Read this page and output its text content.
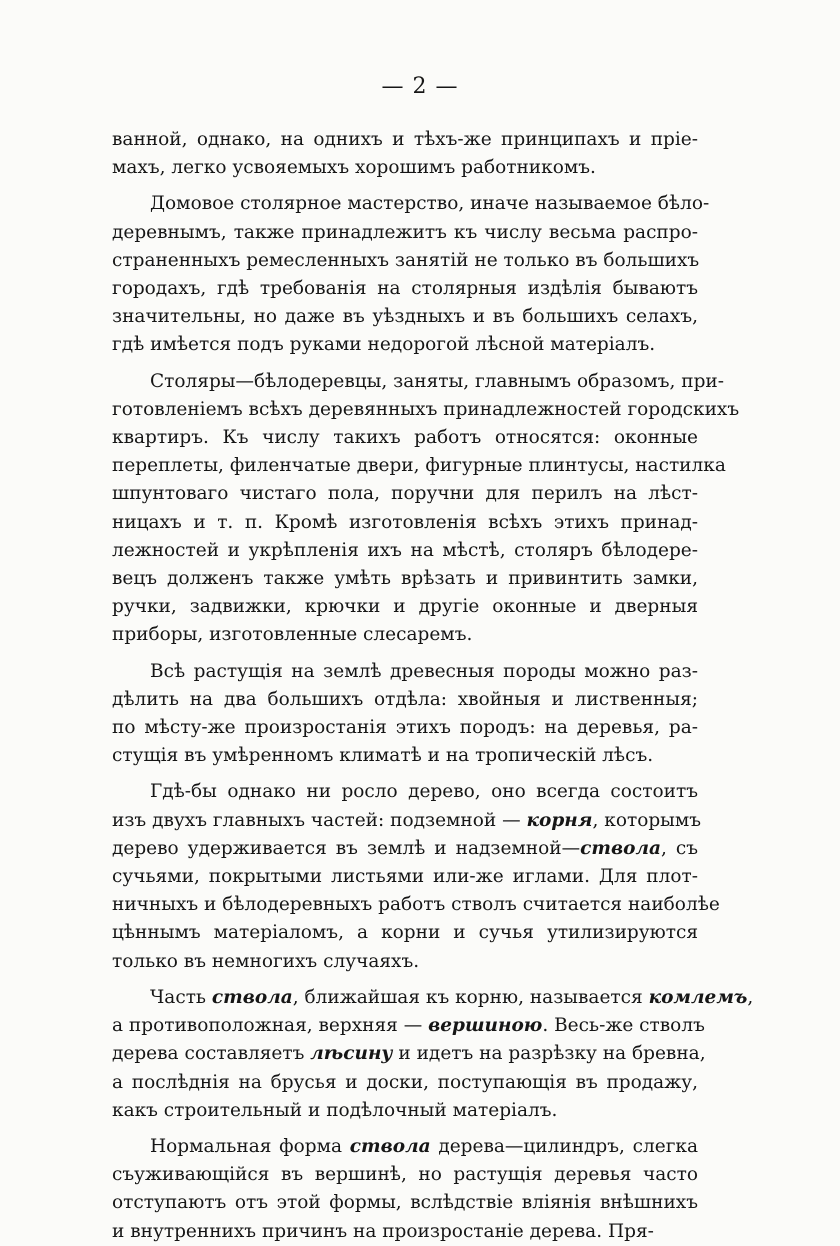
— 2 —

ванной, однако, на однихъ и тѣхъ-же принципахъ и пріе-
махъ, легко усвояемыхъ хорошимъ работникомъ.

Домовое столярное мастерство, иначе называемое бѣло-
деревнымъ, также принадлежитъ къ числу весьма распро-
страненныхъ ремесленныхъ занятій не только въ большихъ
городахъ, гдѣ требованія на столярныя издѣлія бываютъ
значительны, но даже въ уѣздныхъ и въ большихъ селахъ,
гдѣ имѣется подъ руками недорогой лѣсной матеріалъ.

Столяры—бѣлодеревцы, заняты, главнымъ образомъ, при-
готовленіемъ всѣхъ деревянныхъ принадлежностей городскихъ
квартиръ. Къ числу такихъ работъ относятся: оконные
переплеты, филенчатые двери, фигурные плинтусы, настилка
шпунтоваго чистаго пола, поручни для перилъ на лѣст-
ницахъ и т. п. Кромѣ изготовленія всѣхъ этихъ принад-
лежностей и укрѣпленія ихъ на мѣстѣ, столяръ бѣлодере-
вецъ долженъ также умѣть врѣзать и привинтить замки,
ручки, задвижки, крючки и другіе оконные и дверныя
приборы, изготовленные слесаремъ.

Всѣ растущія на землѣ древесныя породы можно раз-
дѣлить на два большихъ отдѣла: хвойныя и лиственныя;
по мѣсту-же произростанія этихъ породъ: на деревья, ра-
стущія въ умѣренномъ климатѣ и на тропическій лѣсъ.

Гдѣ-бы однако ни росло дерево, оно всегда состоитъ
изъ двухъ главныхъ частей: подземной — корня, которымъ
дерево удерживается въ землѣ и надземной—ствола, съ
сучьями, покрытыми листьями или-же иглами. Для плот-
ничныхъ и бѣлодеревныхъ работъ стволъ считается наиболѣе
цѣннымъ матеріаломъ, а корни и сучья утилизируются
только въ немногихъ случаяхъ.

Часть ствола, ближайшая къ корню, называется комлемъ,
а противоположная, верхняя — вершиною. Весь-же стволъ
дерева составляетъ лѣсину и идетъ на разрѣзку на бревна,
а послѣднія на брусья и доски, поступающія въ продажу,
какъ строительный и подѣлочный матеріалъ.

Нормальная форма ствола дерева—цилиндръ, слегка
съуживающійся въ вершинѣ, но растущія деревья часто
отступаютъ отъ этой формы, вслѣдствіе вліянія внѣшнихъ
и внутреннихъ причинъ на произростаніе дерева. Пря-
